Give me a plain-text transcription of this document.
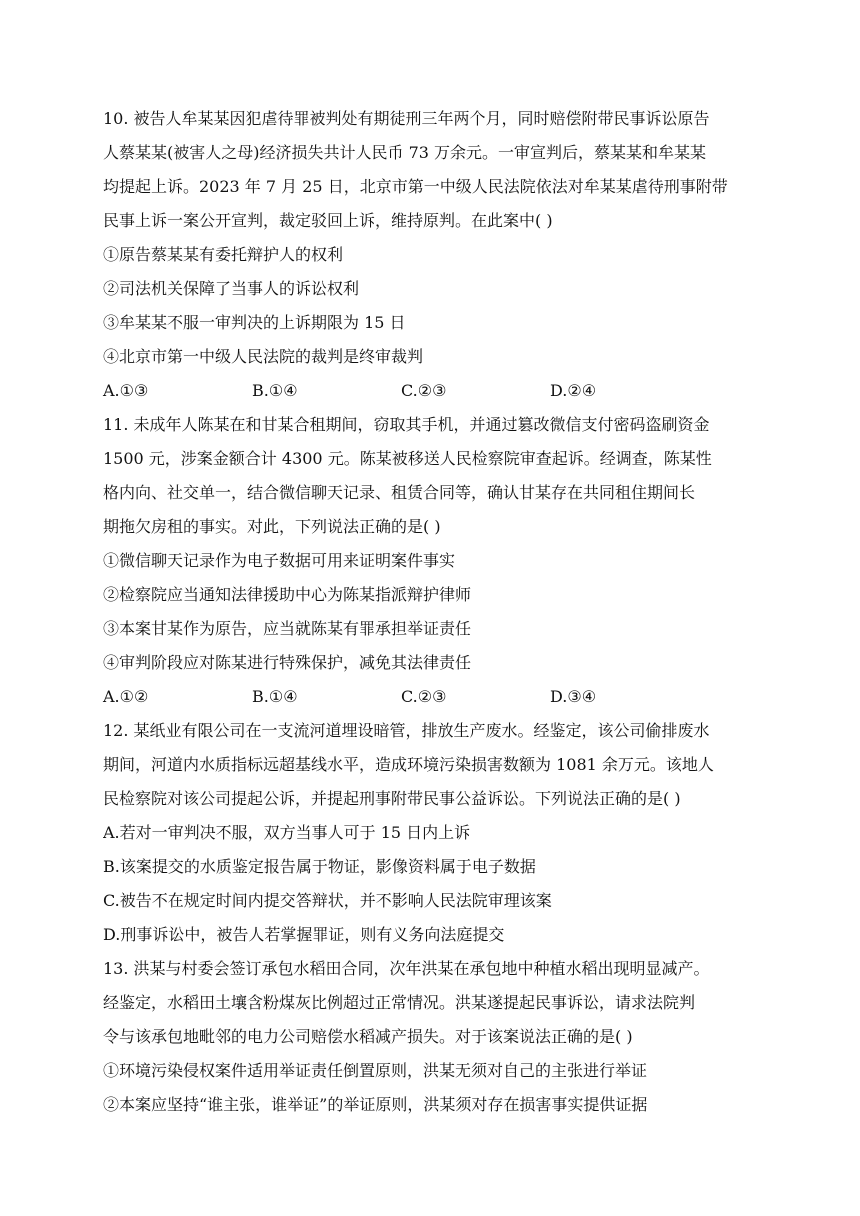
10. 被告人牟某某因犯虐待罪被判处有期徒刑三年两个月，同时赔偿附带民事诉讼原告
人蔡某某(被害人之母)经济损失共计人民币 73 万余元。一审宣判后，蔡某某和牟某某
均提起上诉。2023 年 7 月 25 日，北京市第一中级人民法院依法对牟某某虐待刑事附带
民事上诉一案公开宣判，裁定驳回上诉，维持原判。在此案中( )
①原告蔡某某有委托辩护人的权利
②司法机关保障了当事人的诉讼权利
③牟某某不服一审判决的上诉期限为 15 日
④北京市第一中级人民法院的裁判是终审裁判
A.①③	B.①④	C.②③	D.②④
11. 未成年人陈某在和甘某合租期间，窃取其手机，并通过篡改微信支付密码盗刷资金
1500 元，涉案金额合计 4300 元。陈某被移送人民检察院审查起诉。经调查，陈某性
格内向、社交单一，结合微信聊天记录、租赁合同等，确认甘某存在共同租住期间长
期拖欠房租的事实。对此，下列说法正确的是( )
①微信聊天记录作为电子数据可用来证明案件事实
②检察院应当通知法律援助中心为陈某指派辩护律师
③本案甘某作为原告，应当就陈某有罪承担举证责任
④审判阶段应对陈某进行特殊保护，减免其法律责任
A.①②	B.①④	C.②③	D.③④
12. 某纸业有限公司在一支流河道埋设暗管，排放生产废水。经鉴定，该公司偷排废水
期间，河道内水质指标远超基线水平，造成环境污染损害数额为 1081 余万元。该地人
民检察院对该公司提起公诉，并提起刑事附带民事公益诉讼。下列说法正确的是( )
A.若对一审判决不服，双方当事人可于 15 日内上诉
B.该案提交的水质鉴定报告属于物证，影像资料属于电子数据
C.被告不在规定时间内提交答辩状，并不影响人民法院审理该案
D.刑事诉讼中，被告人若掌握罪证，则有义务向法庭提交
13. 洪某与村委会签订承包水稻田合同，次年洪某在承包地中种植水稻出现明显减产。
经鉴定，水稻田土壤含粉煤灰比例超过正常情况。洪某遂提起民事诉讼，请求法院判
令与该承包地毗邻的电力公司赔偿水稻减产损失。对于该案说法正确的是( )
①环境污染侵权案件适用举证责任倒置原则，洪某无须对自己的主张进行举证
②本案应坚持“谁主张，谁举证”的举证原则，洪某须对存在损害事实提供证据
